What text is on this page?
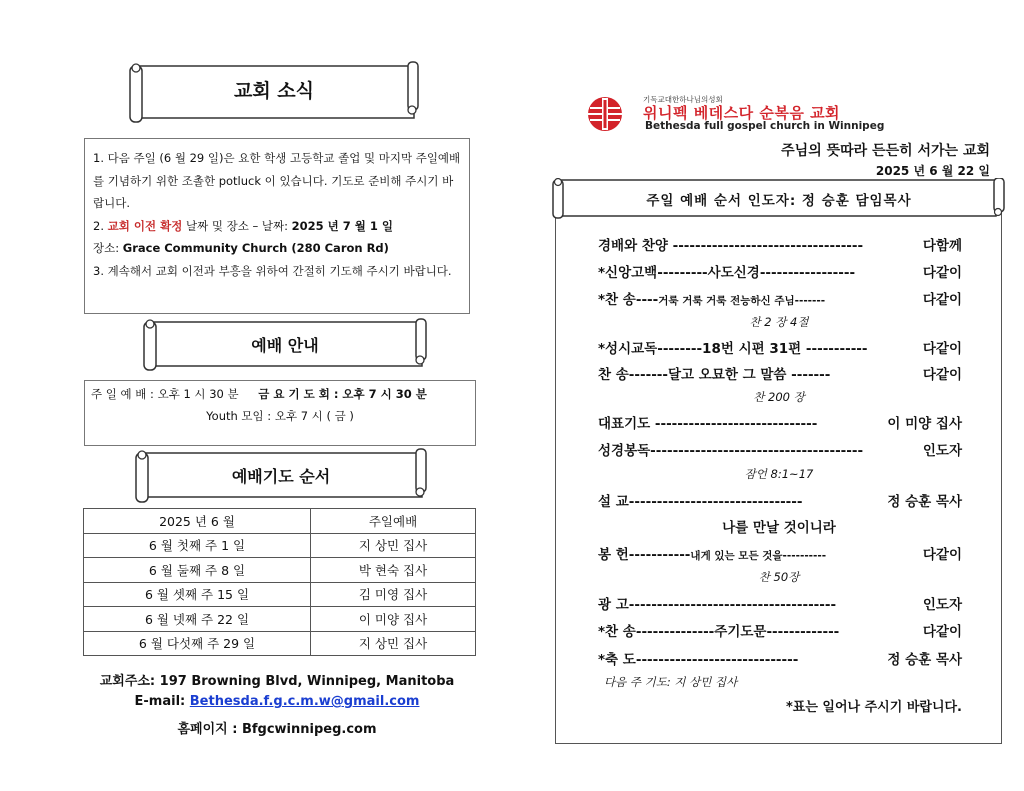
교회 소식

1. 다음 주일 (6 월 29 일)은 요한 학생 고등학교 졸업 및 마지막 주일예배를 기념하기 위한 조촐한 potluck 이 있습니다. 기도로 준비해 주시기 바랍니다.

2. 교회 이전 확정 날짜 및 장소 – 날짜: 2025 년 7 월 1 일

장소: Grace Community Church (280 Caron Rd)

3. 계속해서 교회 이전과 부흥을 위하여 간절히 기도해 주시기 바랍니다.

예배 안내
주 일 예 배 : 오후 1 시 30 분 금 요 기 도 회 : 오후 7 시 30 분
Youth 모임 : 오후 7 시 ( 금 )
예배기도 순서
2025 년 6 월	주일예배
6 월 첫째 주 1 일	지 상민 집사
6 월 둘째 주 8 일	박 현숙 집사
6 월 셋째 주 15 일	김 미영 집사
6 월 넷째 주 22 일	이 미양 집사
6 월 다섯째 주 29 일	지 상민 집사
교회주소: 197 Browning Blvd, Winnipeg, Manitoba
E-mail: Bethesda.f.g.c.m.w@gmail.com
홈페이지 : Bfgcwinnipeg.com
기독교대한하나님의성회
위니펙 베데스다 순복음 교회
Bethesda full gospel church in Winnipeg
주님의 뜻따라 든든히 서가는 교회
2025 년 6 월 22 일
주일 예배 순서 인도자: 정 승훈 담임목사
경배와 찬양 ----------------------------------	다함께
*신앙고백---------사도신경-----------------	다같이
*찬 송----거룩 거룩 거룩 전능하신 주님-------	다같이
찬 2 장 4절
*성시교독--------18번 시편 31편 -----------	다같이
찬 송-------달고 오묘한 그 말씀 -------	다같이
찬 200 장
대표기도 -----------------------------	이 미양 집사
성경봉독--------------------------------------	인도자
잠언 8:1~17
설 교-------------------------------	정 승훈 목사
나를 만날 것이니라
봉 헌-----------내게 있는 모든 것을----------	다같이
찬 50장
광 고-------------------------------------	인도자
*찬 송--------------주기도문-------------	다같이
*축 도-----------------------------	정 승훈 목사
다음 주 기도: 지 상민 집사
*표는 일어나 주시기 바랍니다.
